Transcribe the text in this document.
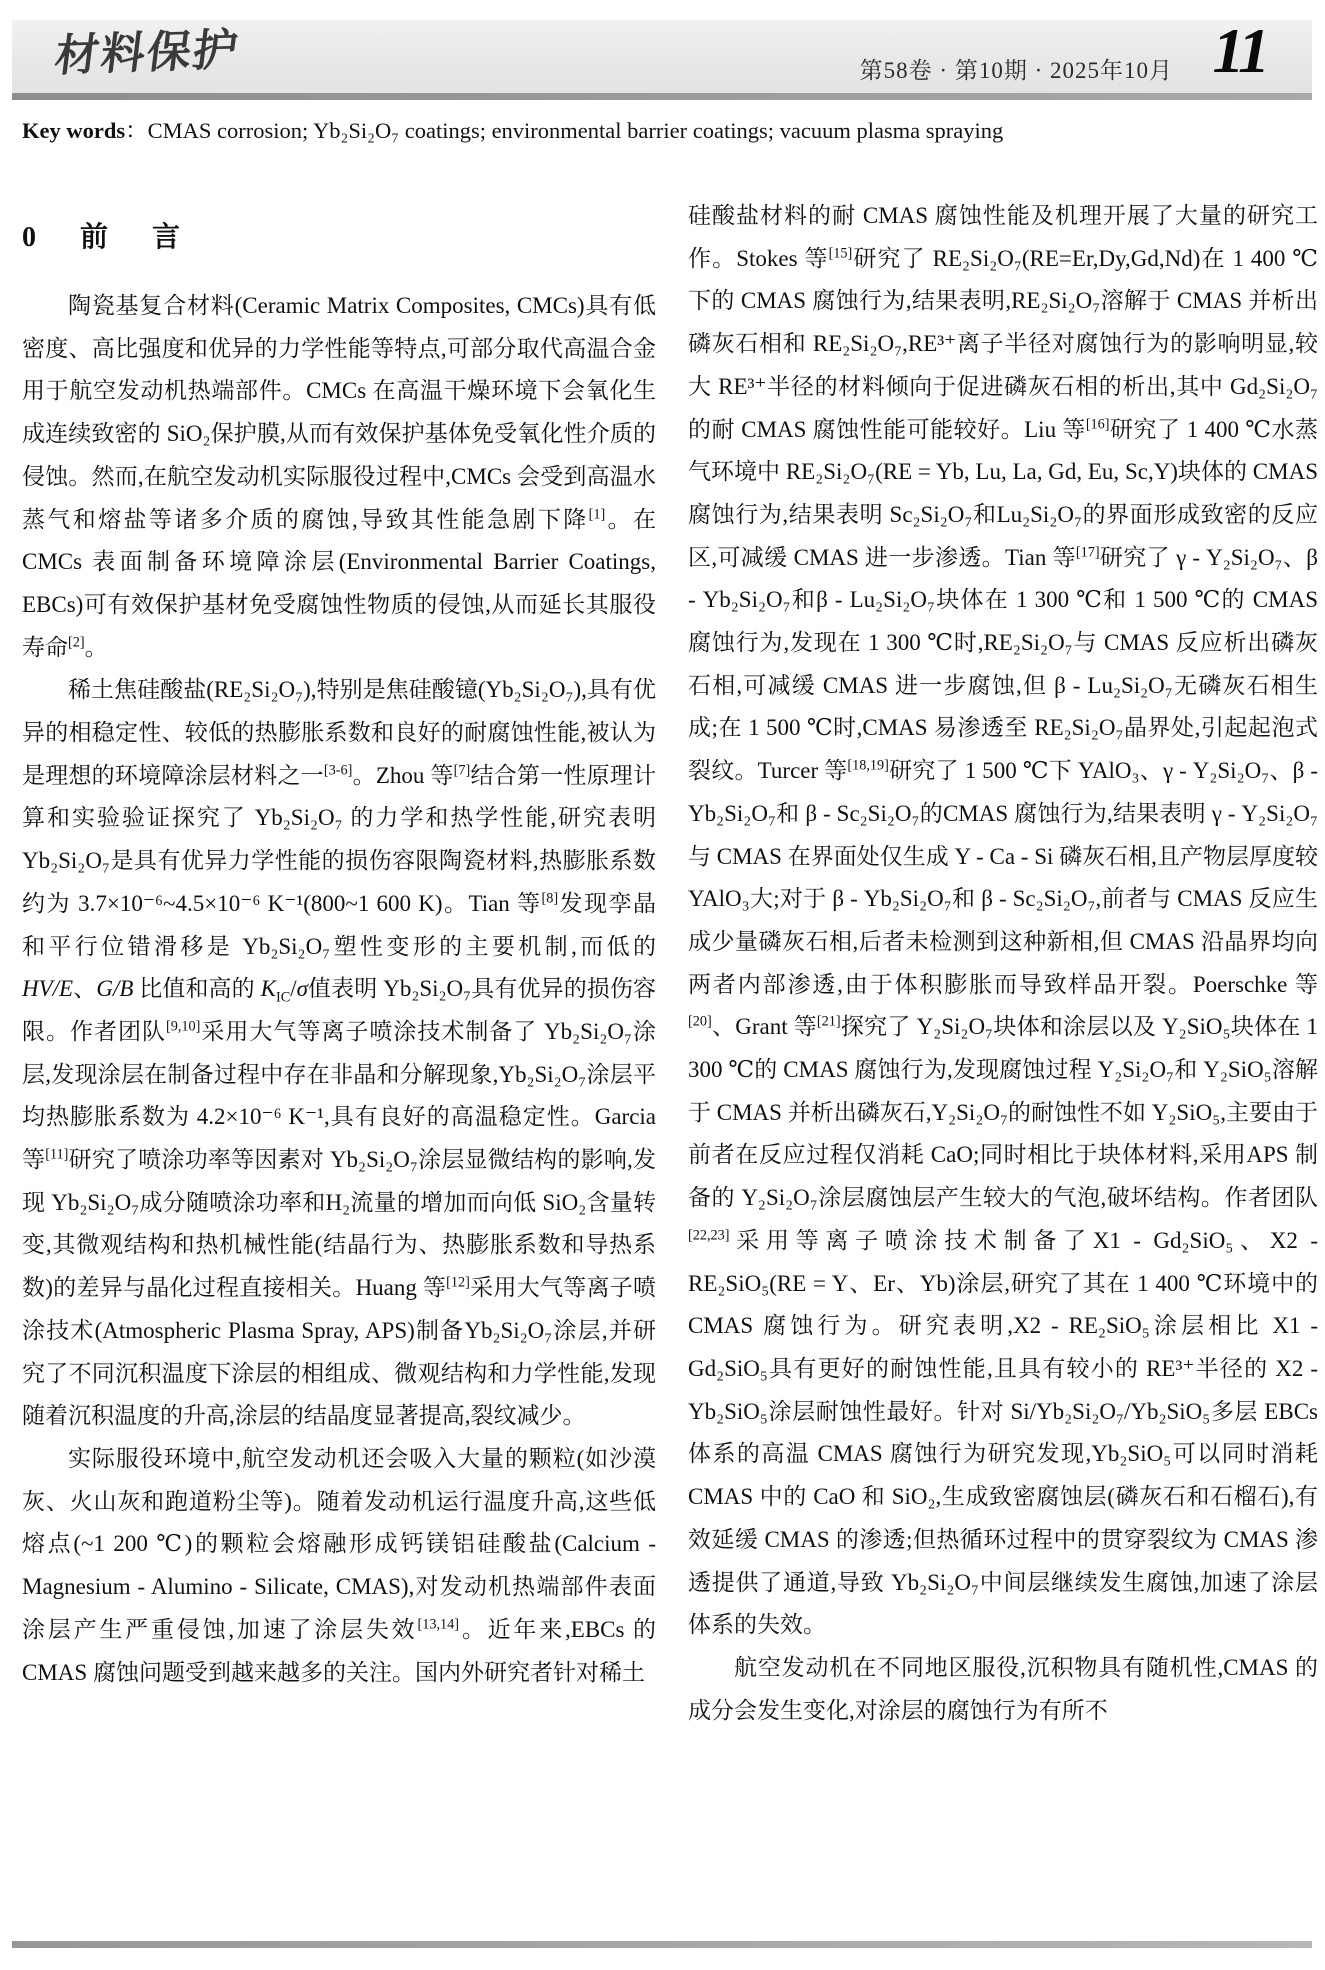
材料保护	第58卷 · 第10期 · 2025年10月 11
Key words：CMAS corrosion; Yb₂Si₂O₇ coatings; environmental barrier coatings; vacuum plasma spraying
0　前　言

陶瓷基复合材料(Ceramic Matrix Composites, CMCs)具有低密度、高比强度和优异的力学性能等特点,可部分取代高温合金用于航空发动机热端部件。CMCs 在高温干燥环境下会氧化生成连续致密的 SiO₂保护膜,从而有效保护基体免受氧化性介质的侵蚀。然而,在航空发动机实际服役过程中,CMCs 会受到高温水蒸气和熔盐等诸多介质的腐蚀,导致其性能急剧下降[1]。在 CMCs 表面制备环境障涂层(Environmental Barrier Coatings, EBCs)可有效保护基材免受腐蚀性物质的侵蚀,从而延长其服役寿命[2]。

稀土焦硅酸盐(RE₂Si₂O₇),特别是焦硅酸镱(Yb₂Si₂O₇),具有优异的相稳定性、较低的热膨胀系数和良好的耐腐蚀性能,被认为是理想的环境障涂层材料之一[3-6]。Zhou 等[7]结合第一性原理计算和实验验证探究了 Yb₂Si₂O₇ 的力学和热学性能,研究表明Yb₂Si₂O₇是具有优异力学性能的损伤容限陶瓷材料,热膨胀系数约为 3.7×10⁻⁶~4.5×10⁻⁶ K⁻¹(800~1 600 K)。Tian 等[8]发现孪晶和平行位错滑移是 Yb₂Si₂O₇塑性变形的主要机制,而低的 HV/E、G/B 比值和高的 $K_{IC}/\sigma$值表明 Yb₂Si₂O₇具有优异的损伤容限。作者团队[9,10]采用大气等离子喷涂技术制备了 Yb₂Si₂O₇涂层,发现涂层在制备过程中存在非晶和分解现象,Yb₂Si₂O₇涂层平均热膨胀系数为 4.2×10⁻⁶ K⁻¹,具有良好的高温稳定性。Garcia 等[11]研究了喷涂功率等因素对 Yb₂Si₂O₇涂层显微结构的影响,发现 Yb₂Si₂O₇成分随喷涂功率和H₂流量的增加而向低 SiO₂含量转变,其微观结构和热机械性能(结晶行为、热膨胀系数和导热系数)的差异与晶化过程直接相关。Huang 等[12]采用大气等离子喷涂技术(Atmospheric Plasma Spray, APS)制备Yb₂Si₂O₇涂层,并研究了不同沉积温度下涂层的相组成、微观结构和力学性能,发现随着沉积温度的升高,涂层的结晶度显著提高,裂纹减少。

实际服役环境中,航空发动机还会吸入大量的颗粒(如沙漠灰、火山灰和跑道粉尘等)。随着发动机运行温度升高,这些低熔点(~1 200 ℃)的颗粒会熔融形成钙镁铝硅酸盐(Calcium - Magnesium - Alumino - Silicate, CMAS),对发动机热端部件表面涂层产生严重侵蚀,加速了涂层失效[13,14]。近年来,EBCs 的 CMAS 腐蚀问题受到越来越多的关注。国内外研究者针对稀土

硅酸盐材料的耐 CMAS 腐蚀性能及机理开展了大量的研究工作。Stokes 等[15]研究了 RE₂Si₂O₇(RE=Er,Dy,Gd,Nd)在 1 400 ℃下的 CMAS 腐蚀行为,结果表明,RE₂Si₂O₇溶解于 CMAS 并析出磷灰石相和 RE₂Si₂O₇,RE³⁺离子半径对腐蚀行为的影响明显,较大 RE³⁺半径的材料倾向于促进磷灰石相的析出,其中 Gd₂Si₂O₇的耐 CMAS 腐蚀性能可能较好。Liu 等[16]研究了 1 400 ℃水蒸气环境中 RE₂Si₂O₇(RE = Yb, Lu, La, Gd, Eu, Sc,Y)块体的 CMAS 腐蚀行为,结果表明 Sc₂Si₂O₇和Lu₂Si₂O₇的界面形成致密的反应区,可减缓 CMAS 进一步渗透。Tian 等[17]研究了 γ - Y₂Si₂O₇、β - Yb₂Si₂O₇和β - Lu₂Si₂O₇块体在 1 300 ℃和 1 500 ℃的 CMAS 腐蚀行为,发现在 1 300 ℃时,RE₂Si₂O₇与 CMAS 反应析出磷灰石相,可减缓 CMAS 进一步腐蚀,但 β - Lu₂Si₂O₇无磷灰石相生成;在 1 500 ℃时,CMAS 易渗透至 RE₂Si₂O₇晶界处,引起起泡式裂纹。Turcer 等[18,19]研究了 1 500 ℃下 YAlO₃、γ - Y₂Si₂O₇、β - Yb₂Si₂O₇和 β - Sc₂Si₂O₇的CMAS 腐蚀行为,结果表明 γ - Y₂Si₂O₇与 CMAS 在界面处仅生成 Y - Ca - Si 磷灰石相,且产物层厚度较 YAlO₃大;对于 β - Yb₂Si₂O₇和 β - Sc₂Si₂O₇,前者与 CMAS 反应生成少量磷灰石相,后者未检测到这种新相,但 CMAS 沿晶界均向两者内部渗透,由于体积膨胀而导致样品开裂。Poerschke 等[20]、Grant 等[21]探究了 Y₂Si₂O₇块体和涂层以及 Y₂SiO₅块体在 1 300 ℃的 CMAS 腐蚀行为,发现腐蚀过程 Y₂Si₂O₇和 Y₂SiO₅溶解于 CMAS 并析出磷灰石,Y₂Si₂O₇的耐蚀性不如 Y₂SiO₅,主要由于前者在反应过程仅消耗 CaO;同时相比于块体材料,采用APS 制备的 Y₂Si₂O₇涂层腐蚀层产生较大的气泡,破坏结构。作者团队[22,23]采用等离子喷涂技术制备了X1 - Gd₂SiO₅、X2 - RE₂SiO₅(RE = Y、Er、Yb)涂层,研究了其在 1 400 ℃环境中的 CMAS 腐蚀行为。研究表明,X2 - RE₂SiO₅涂层相比 X1 - Gd₂SiO₅具有更好的耐蚀性能,且具有较小的 RE³⁺半径的 X2 - Yb₂SiO₅涂层耐蚀性最好。针对 Si/Yb₂Si₂O₇/Yb₂SiO₅多层 EBCs 体系的高温 CMAS 腐蚀行为研究发现,Yb₂SiO₅可以同时消耗CMAS 中的 CaO 和 SiO₂,生成致密腐蚀层(磷灰石和石榴石),有效延缓 CMAS 的渗透;但热循环过程中的贯穿裂纹为 CMAS 渗透提供了通道,导致 Yb₂Si₂O₇中间层继续发生腐蚀,加速了涂层体系的失效。

航空发动机在不同地区服役,沉积物具有随机性,CMAS 的成分会发生变化,对涂层的腐蚀行为有所不
